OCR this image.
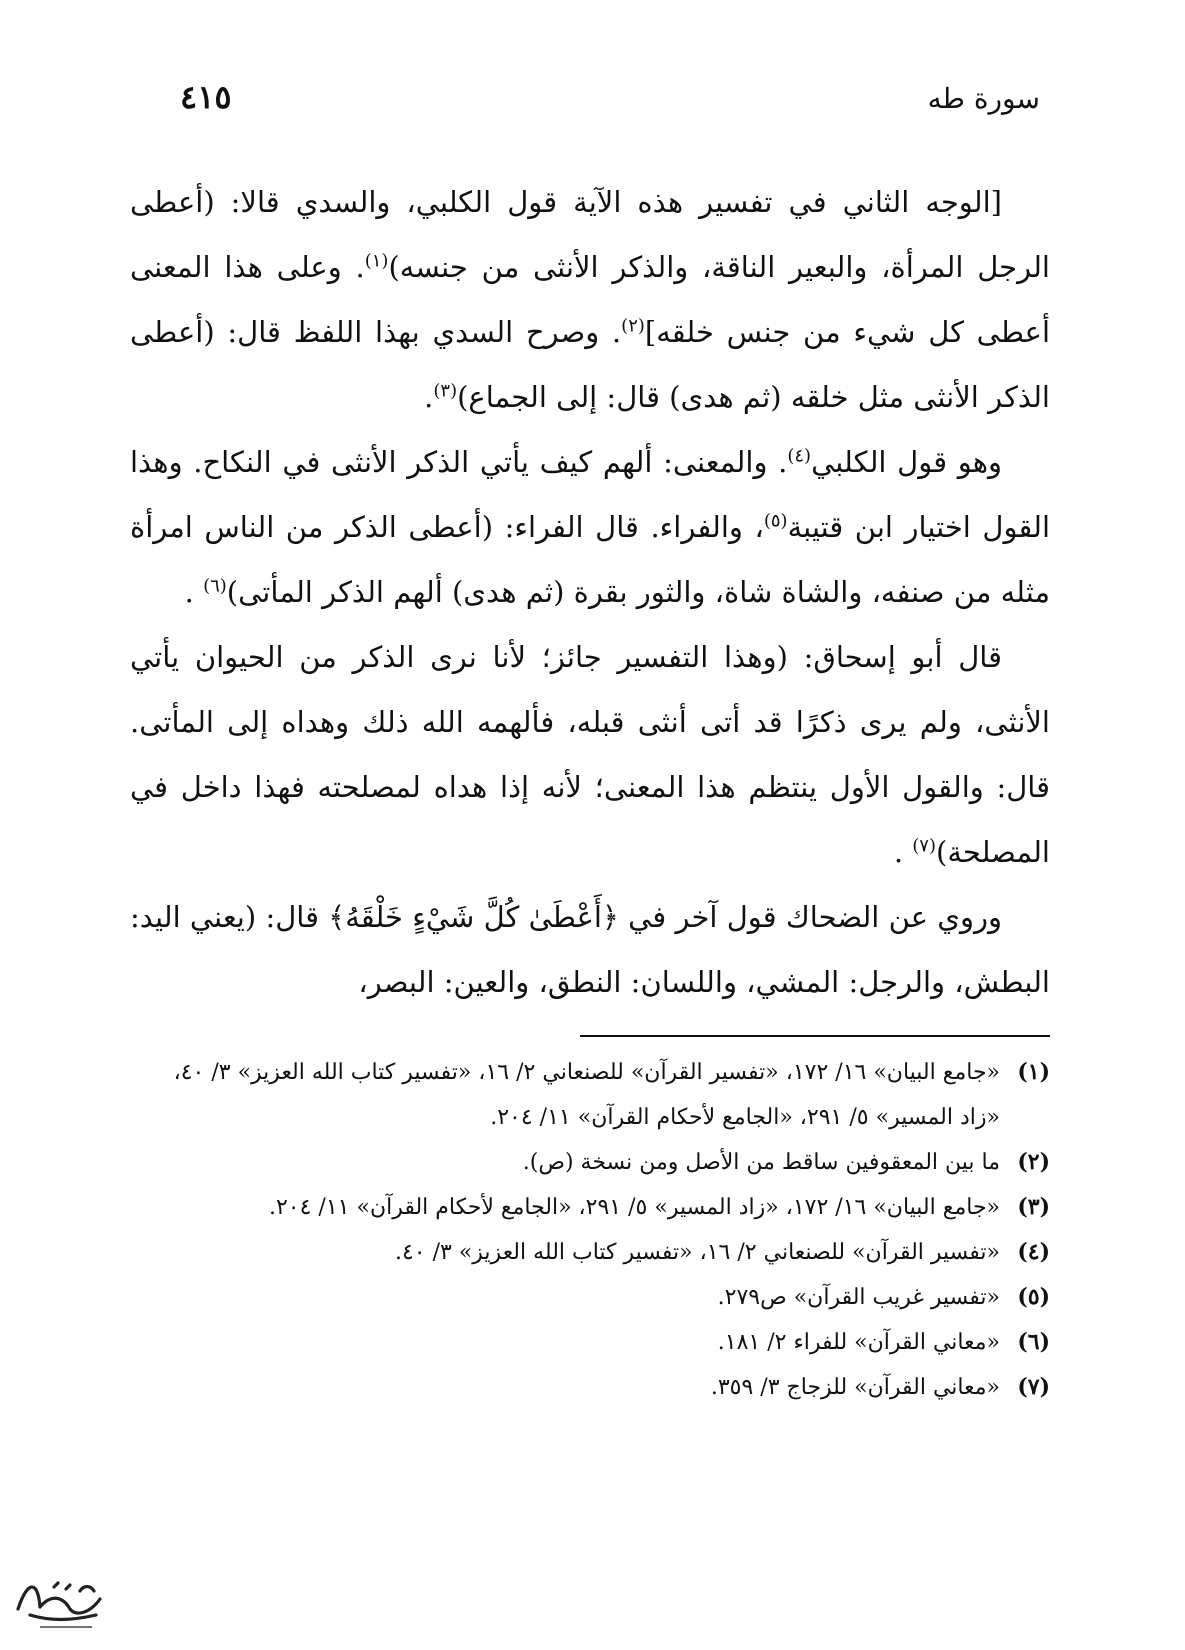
سورة طه
٤١٥

[الوجه الثاني في تفسير هذه الآية قول الكلبي، والسدي قالا: (أعطى الرجل المرأة، والبعير الناقة، والذكر الأنثى من جنسه)$^{(١)}$. وعلى هذا المعنى أعطى كل شيء من جنس خلقه]$^{(٢)}$. وصرح السدي بهذا اللفظ قال: (أعطى الذكر الأنثى مثل خلقه (ثم هدى) قال: إلى الجماع)$^{(٣)}$.

وهو قول الكلبي$^{(٤)}$. والمعنى: ألهم كيف يأتي الذكر الأنثى في النكاح. وهذا القول اختيار ابن قتيبة$^{(٥)}$، والفراء. قال الفراء: (أعطى الذكر من الناس امرأة مثله من صنفه، والشاة شاة، والثور بقرة (ثم هدى) ألهم الذكر المأتى)$^{(٦)}$ .

قال أبو إسحاق: (وهذا التفسير جائز؛ لأنا نرى الذكر من الحيوان يأتي الأنثى، ولم يرى ذكرًا قد أتى أنثى قبله، فألهمه الله ذلك وهداه إلى المأتى. قال: والقول الأول ينتظم هذا المعنى؛ لأنه إذا هداه لمصلحته فهذا داخل في المصلحة)$^{(٧)}$ .

وروي عن الضحاك قول آخر في ﴿أَعْطَىٰ كُلَّ شَيْءٍ خَلْقَهُ﴾ قال: (يعني اليد: البطش، والرجل: المشي، واللسان: النطق، والعين: البصر،

(١)
«جامع البيان» ١٦/ ١٧٢، «تفسير القرآن» للصنعاني ٢/ ١٦، «تفسير كتاب الله العزيز» ٣/ ٤٠، «زاد المسير» ٥/ ٢٩١، «الجامع لأحكام القرآن» ١١/ ٢٠٤.

(٢)
ما بين المعقوفين ساقط من الأصل ومن نسخة (ص).

(٣)
«جامع البيان» ١٦/ ١٧٢، «زاد المسير» ٥/ ٢٩١، «الجامع لأحكام القرآن» ١١/ ٢٠٤.

(٤)
«تفسير القرآن» للصنعاني ٢/ ١٦، «تفسير كتاب الله العزيز» ٣/ ٤٠.

(٥)
«تفسير غريب القرآن» ص٢٧٩.

(٦)
«معاني القرآن» للفراء ٢/ ١٨١.

(٧)
«معاني القرآن» للزجاج ٣/ ٣٥٩.
